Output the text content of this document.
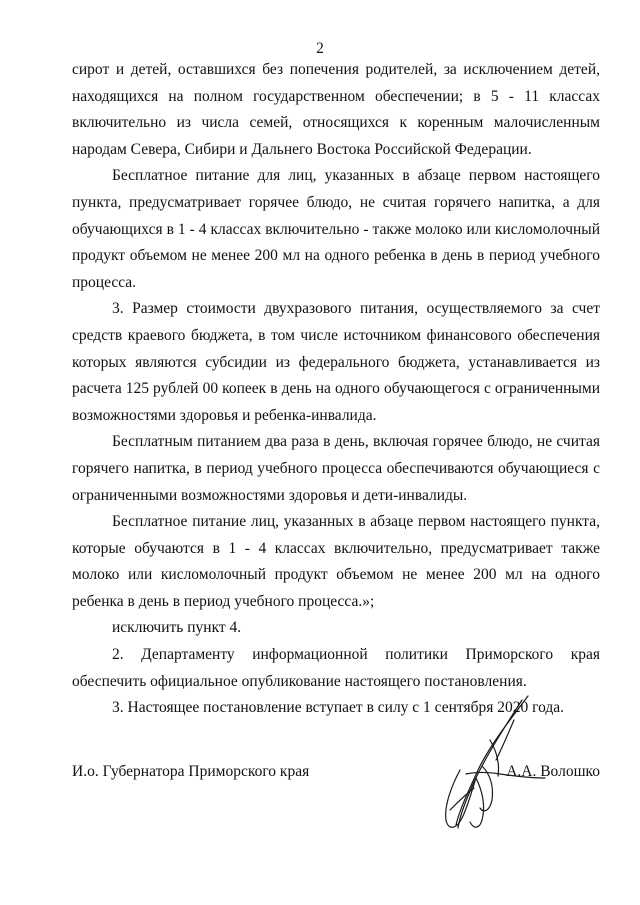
2

сирот и детей, оставшихся без попечения родителей, за исключением детей, находящихся на полном государственном обеспечении; в 5 - 11 классах включительно из числа семей, относящихся к коренным малочисленным народам Севера, Сибири и Дальнего Востока Российской Федерации.

Бесплатное питание для лиц, указанных в абзаце первом настоящего пункта, предусматривает горячее блюдо, не считая горячего напитка, а для обучающихся в 1 - 4 классах включительно - также молоко или кисломолочный продукт объемом не менее 200 мл на одного ребенка в день в период учебного процесса.

3. Размер стоимости двухразового питания, осуществляемого за счет средств краевого бюджета, в том числе источником финансового обеспечения которых являются субсидии из федерального бюджета, устанавливается из расчета 125 рублей 00 копеек в день на одного обучающегося с ограниченными возможностями здоровья и ребенка-инвалида.

Бесплатным питанием два раза в день, включая горячее блюдо, не считая горячего напитка, в период учебного процесса обеспечиваются обучающиеся с ограниченными возможностями здоровья и дети-инвалиды.

Бесплатное питание лиц, указанных в абзаце первом настоящего пункта, которые обучаются в 1 - 4 классах включительно, предусматривает также молоко или кисломолочный продукт объемом не менее 200 мл на одного ребенка в день в период учебного процесса.»;

исключить пункт 4.

2. Департаменту информационной политики Приморского края обеспечить официальное опубликование настоящего постановления.

3. Настоящее постановление вступает в силу с 1 сентября 2020 года.

И.о. Губернатора Приморского края	А.А. Волошко
